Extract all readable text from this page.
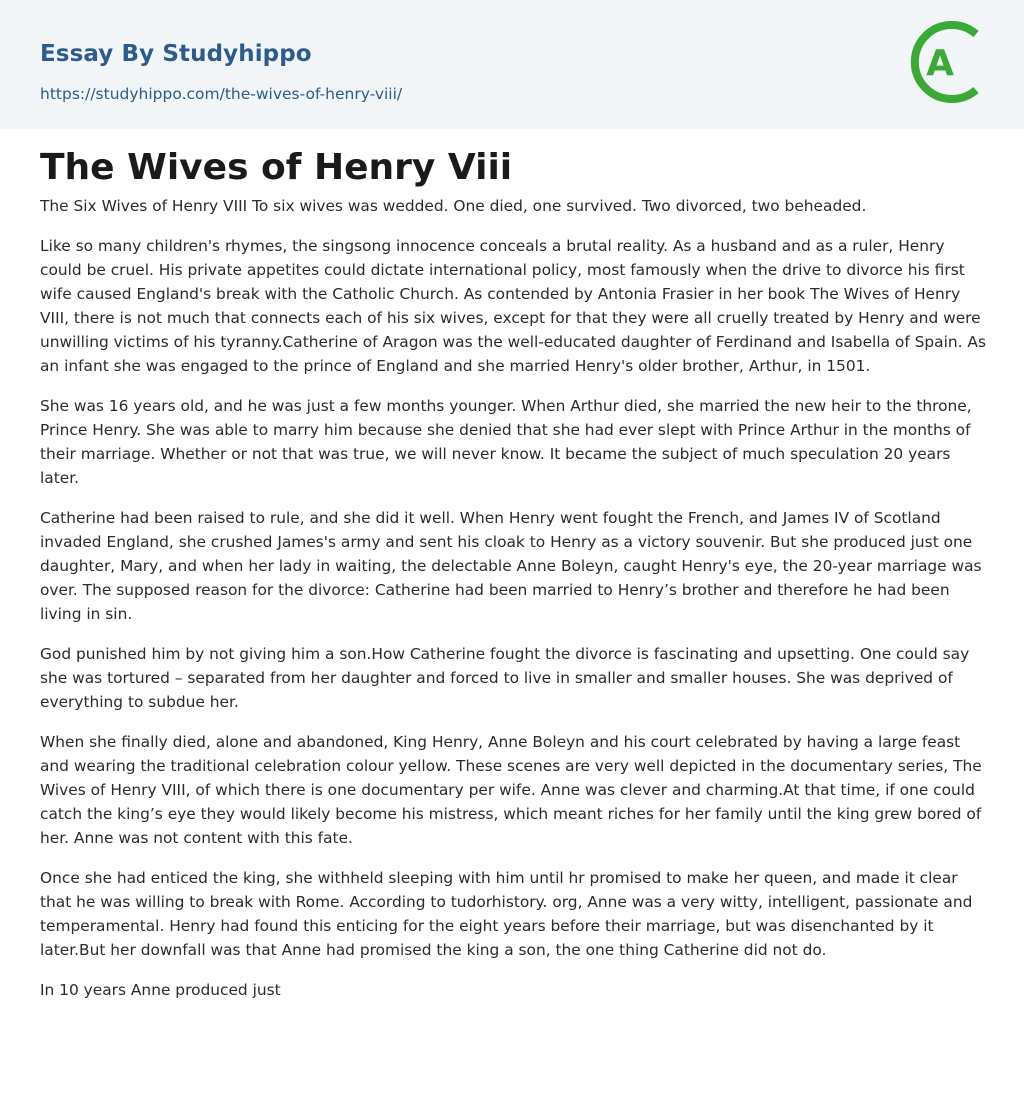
Essay By Studyhippo
https://studyhippo.com/the-wives-of-henry-viii/
A
The Wives of Henry Viii

The Six Wives of Henry VIII To six wives was wedded. One died, one survived. Two divorced, two beheaded.

Like so many children's rhymes, the singsong innocence conceals a brutal reality. As a husband and as a ruler, Henry could be cruel. His private appetites could dictate international policy, most famously when the drive to divorce his first wife caused England's break with the Catholic Church. As contended by Antonia Frasier in her book The Wives of Henry VIII, there is not much that connects each of his six wives, except for that they were all cruelly treated by Henry and were unwilling victims of his tyranny.Catherine of Aragon was the well-educated daughter of Ferdinand and Isabella of Spain. As an infant she was engaged to the prince of England and she married Henry's older brother, Arthur, in 1501.

She was 16 years old, and he was just a few months younger. When Arthur died, she married the new heir to the throne, Prince Henry. She was able to marry him because she denied that she had ever slept with Prince Arthur in the months of their marriage. Whether or not that was true, we will never know. It became the subject of much speculation 20 years later.

Catherine had been raised to rule, and she did it well. When Henry went fought the French, and James IV of Scotland invaded England, she crushed James's army and sent his cloak to Henry as a victory souvenir. But she produced just one daughter, Mary, and when her lady in waiting, the delectable Anne Boleyn, caught Henry's eye, the 20-year marriage was over. The supposed reason for the divorce: Catherine had been married to Henry’s brother and therefore he had been living in sin.

God punished him by not giving him a son.How Catherine fought the divorce is fascinating and upsetting. One could say she was tortured – separated from her daughter and forced to live in smaller and smaller houses. She was deprived of everything to subdue her.

When she finally died, alone and abandoned, King Henry, Anne Boleyn and his court celebrated by having a large feast and wearing the traditional celebration colour yellow. These scenes are very well depicted in the documentary series, The Wives of Henry VIII, of which there is one documentary per wife. Anne was clever and charming.At that time, if one could catch the king’s eye they would likely become his mistress, which meant riches for her family until the king grew bored of her. Anne was not content with this fate.

Once she had enticed the king, she withheld sleeping with him until hr promised to make her queen, and made it clear that he was willing to break with Rome. According to tudorhistory. org, Anne was a very witty, intelligent, passionate and temperamental. Henry had found this enticing for the eight years before their marriage, but was disenchanted by it later.But her downfall was that Anne had promised the king a son, the one thing Catherine did not do.

In 10 years Anne produced just
